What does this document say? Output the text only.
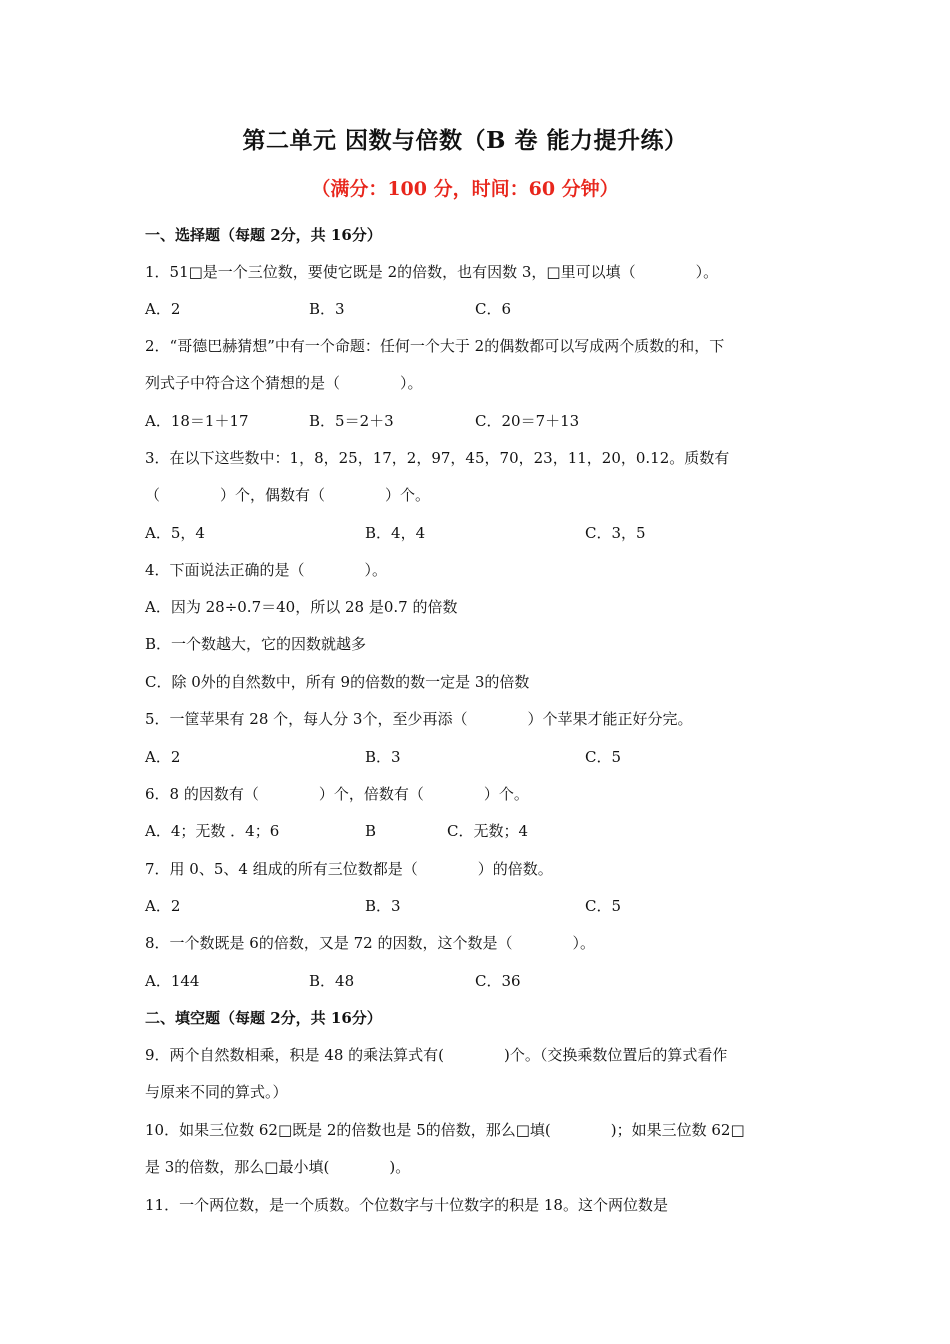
第二单元 因数与倍数（B 卷 能力提升练）
（满分：100 分，时间：60 分钟）
一、选择题（每题 2分，共 16分）
1．51□是一个三位数，要使它既是 2的倍数，也有因数 3，□里可以填（　　　　）。
A．2	B．3	C．6
2．“哥德巴赫猜想”中有一个命题：任何一个大于 2的偶数都可以写成两个质数的和，下
列式子中符合这个猜想的是（　　　　）。
A．18＝1＋17	B．5＝2＋3	C．20＝7＋13
3．在以下这些数中：1，8，25，17，2，97，45，70，23，11，20，0.12。质数有
（　　　　）个，偶数有（　　　　）个。
A．5，4	B．4，4	C．3，5
4．下面说法正确的是（　　　　）。
A．因为 28÷0.7＝40，所以 28 是0.7 的倍数
B．一个数越大，它的因数就越多
C．除 0外的自然数中，所有 9的倍数的数一定是 3的倍数
5．一筐苹果有 28 个，每人分 3个，至少再添（　　　　）个苹果才能正好分完。
A．2	B．3	C．5
6．8 的因数有（　　　　）个，倍数有（　　　　）个。
A．4；无数 ．4；6	B	C．无数；4
7．用 0、5、4 组成的所有三位数都是（　　　　）的倍数。
A．2	B．3	C．5
8．一个数既是 6的倍数，又是 72 的因数，这个数是（　　　　）。
A．144	B．48	C．36
二、填空题（每题 2分，共 16分）
9．两个自然数相乘，积是 48 的乘法算式有(　　　　)个。（交换乘数位置后的算式看作
与原来不同的算式。）
10．如果三位数 62□既是 2的倍数也是 5的倍数，那么□填(　　　　)；如果三位数 62□
是 3的倍数，那么□最小填(　　　　)。
11．一个两位数，是一个质数。个位数字与十位数字的积是 18。这个两位数是
